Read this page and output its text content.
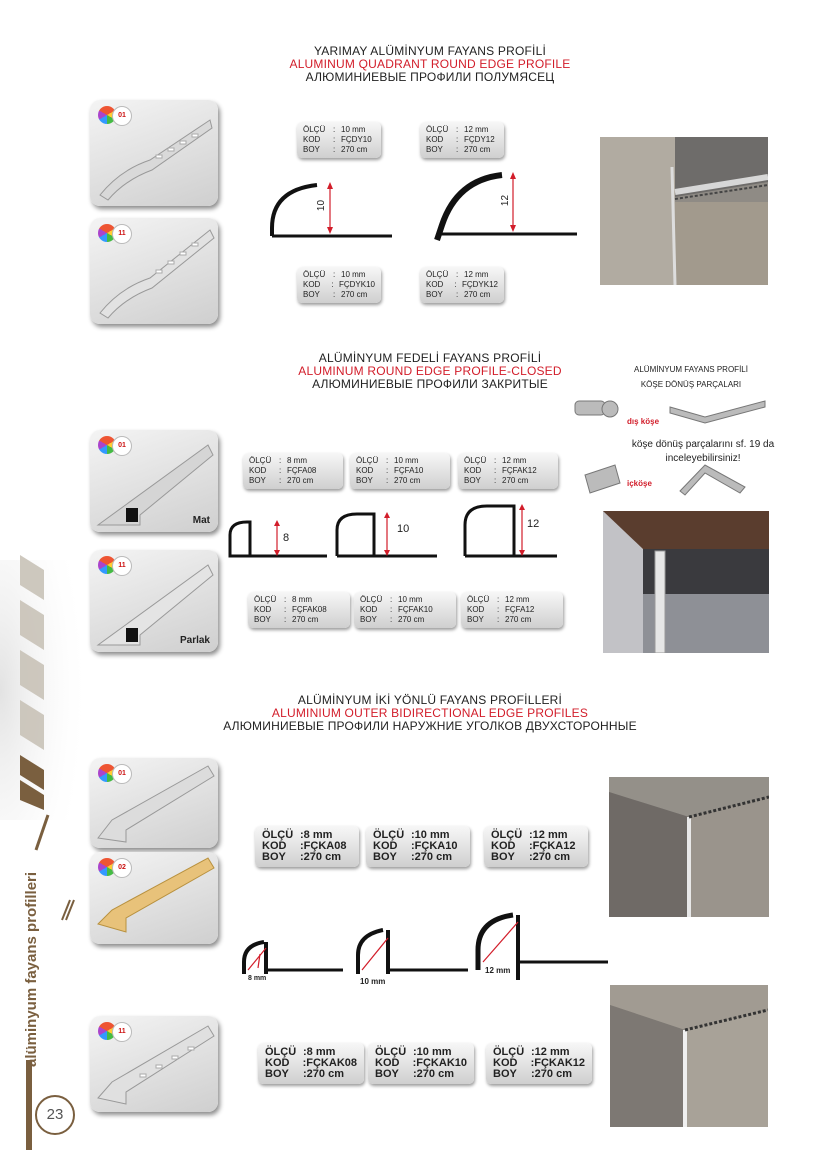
alüminyum fayans profilleri
23
YARIMAY ALÜMİNYUM FAYANS PROFİLİ
ALUMINUM QUADRANT ROUND EDGE PROFILE
АЛЮМИНИЕВЫЕ ПРОФИЛИ ПОЛУМЯСЕЦ
01
11
ÖLÇÜ : 10 mm
KOD	: FÇDY10
BOY	: 270 cm
ÖLÇÜ : 12 mm
KOD	: FÇDY12
BOY	: 270 cm
ÖLÇÜ : 10 mm
KOD	: FÇDYK10
BOY	: 270 cm
ÖLÇÜ : 12 mm
KOD	: FÇDYK12
BOY	: 270 cm
10	12
ALÜMİNYUM FEDELİ FAYANS PROFİLİ
ALUMINUM ROUND EDGE PROFILE-CLOSED
АЛЮМИНИЕВЫЕ ПРОФИЛИ ЗАКРИТЫЕ
ALÜMİNYUM FAYANS PROFİLİ
KÖŞE DÖNÜŞ PARÇALARI
dış köşe
içköşe
köşe dönüş parçalarını sf. 19 da inceleyebilirsiniz!
01
Mat
11
Parlak
ÖLÇÜ : 8 mm
KOD	: FÇFA08
BOY	: 270 cm
ÖLÇÜ : 10 mm
KOD	: FÇFA10
BOY	: 270 cm
ÖLÇÜ : 12 mm
KOD	: FÇFAK12
BOY	: 270 cm
8
10	12
ÖLÇÜ : 8 mm
KOD	: FÇFAK08
BOY	: 270 cm
ÖLÇÜ : 10 mm
KOD	: FÇFAK10
BOY	: 270 cm
ÖLÇÜ : 12 mm
KOD	: FÇFA12
BOY	: 270 cm
ALÜMİNYUM İKİ YÖNLÜ FAYANS PROFİLLERİ
ALUMINIUM OUTER BIDIRECTIONAL EDGE PROFILES
АЛЮМИНИЕВЫЕ ПРОФИЛИ НАРУЖНИЕ УГОЛКОВ ДВУХСТОРОННЫЕ
01
02
11
ÖLÇÜ : 8 mm
KOD	: FÇKA08
BOY	: 270 cm
ÖLÇÜ : 10 mm
KOD	: FÇKA10
BOY	: 270 cm
ÖLÇÜ : 12 mm
KOD	: FÇKA12
BOY	: 270 cm
8 mm	10 mm
12 mm
ÖLÇÜ : 8 mm
KOD	: FÇKAK08
BOY	: 270 cm
ÖLÇÜ : 10 mm
KOD	: FÇKAK10
BOY	: 270 cm
ÖLÇÜ : 12 mm
KOD	: FÇKAK12
BOY	: 270 cm
